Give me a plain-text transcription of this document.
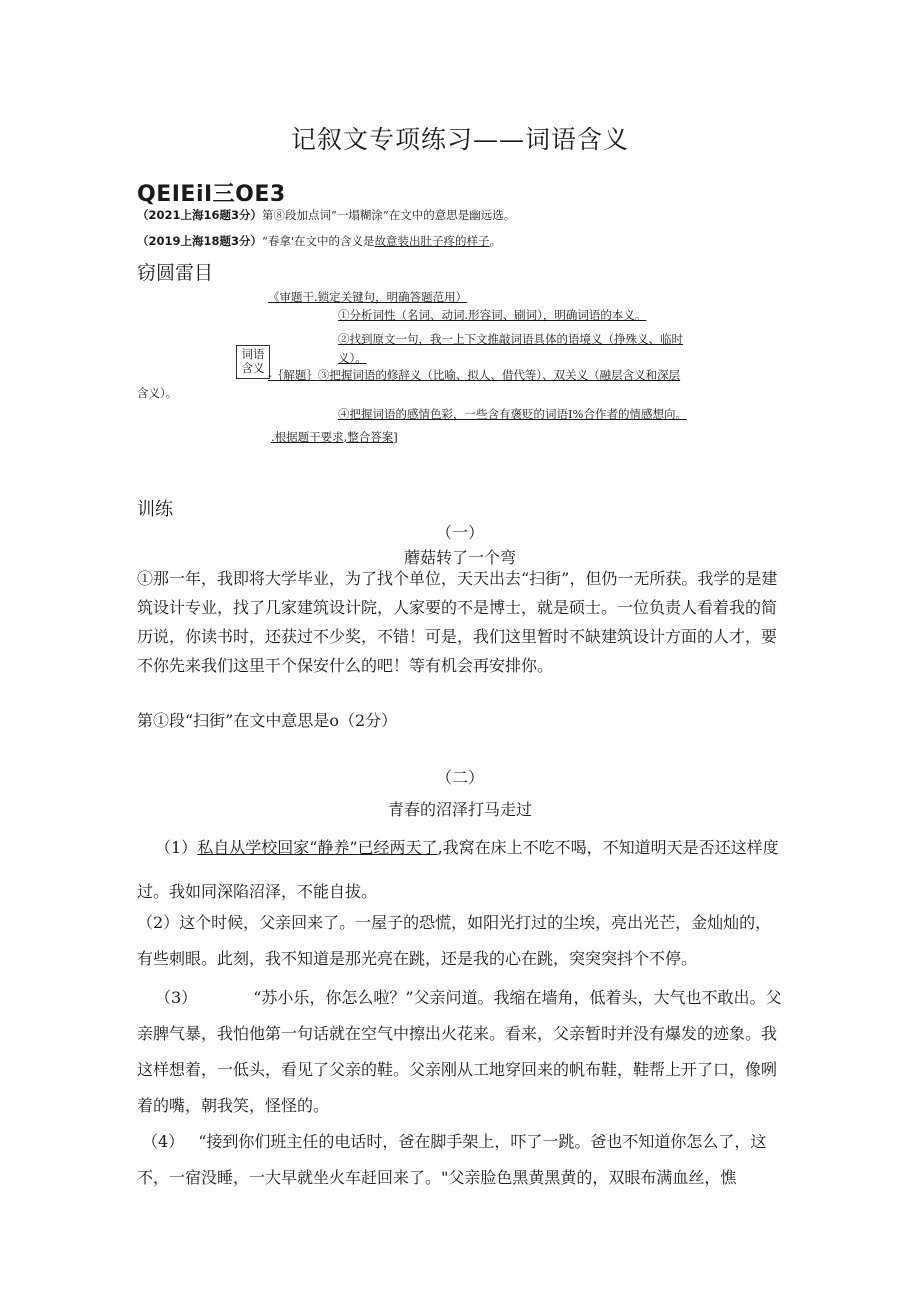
记叙文专项练习——词语含义
QEIEiI三OE3
（2021上海16题3分）第⑧段加点词“一塌糊涂”在文中的意思是幽远选。
（2019上海18题3分）“春拿'在文中的含义是故意装出肚子疼的样子。
窃圆雷目
《审题干.锁定关键句，明确答题范用）
①分析词性（名词、动词.形容词、刷词），明确词语的本义。
②找到原文一句，我一上下文推敲词语具体的语境义（挣殊义、临时
义）。
词语含义 -｛解题｝③把握词语的修辞义（比喻、拟人、借代等）、双关义（融层含义和深层
含义）。
④把握词语的感情色彩，一些含有褒贬的词语I%合作者的情感想向。
.根据题干要求,整合答案]
训练
（一）
蘑菇转了一个弯
①那一年，我即将大学毕业，为了找个单位，天天出去“扫街”，但仍一无所获。我学的是建筑设计专业，找了几家建筑设计院，人家要的不是博士，就是硕士。一位负责人看着我的简历说，你读书时，还获过不少奖，不错！可是，我们这里暂时不缺建筑设计方面的人才，要不你先来我们这里干个保安什么的吧！等有机会再安排你。
第①段“扫街”在文中意思是o（2分）
（二）
青春的沼泽打马走过
（1）私自从学校回家“静养”已经两天了,我窝在床上不吃不喝，不知道明天是否还这样度过。我如同深陷沼泽，不能自拔。
（2）这个时候，父亲回来了。一屋子的恐慌，如阳光打过的尘埃，亮出光芒，金灿灿的，有些刺眼。此刻，我不知道是那光亮在跳，还是我的心在跳，突突突抖个不停。
（3）	“苏小乐，你怎么啦？”父亲问道。我缩在墙角，低着头，大气也不敢出。父亲脾气暴，我怕他第一句话就在空气中擦出火花来。看来，父亲暂时并没有爆发的迹象。我这样想着，一低头，看见了父亲的鞋。父亲刚从工地穿回来的帆布鞋，鞋帮上开了口，像咧着的嘴，朝我笑，怪怪的。
（4） “接到你们班主任的电话时，爸在脚手架上，吓了一跳。爸也不知道你怎么了，这不，一宿没睡，一大早就坐火车赶回来了。"父亲脸色黑黄黑黄的，双眼布满血丝，憔
